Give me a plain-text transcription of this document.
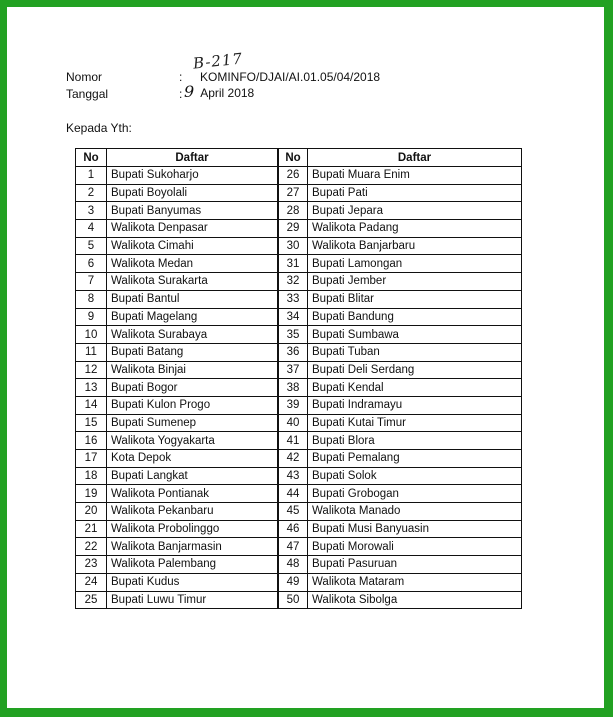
B-217
Nomor	: KOMINFO/DJAI/AI.01.05/04/2018
Tanggal	: 9 April 2018
Kepada Yth:
No	Daftar	No	Daftar
1	Bupati Sukoharjo	26	Bupati Muara Enim
2	Bupati Boyolali	27	Bupati Pati
3	Bupati Banyumas	28	Bupati Jepara
4	Walikota Denpasar	29	Walikota Padang
5	Walikota Cimahi	30	Walikota Banjarbaru
6	Walikota Medan	31	Bupati Lamongan
7	Walikota Surakarta	32	Bupati Jember
8	Bupati Bantul	33	Bupati Blitar
9	Bupati Magelang	34	Bupati Bandung
10	Walikota Surabaya	35	Bupati Sumbawa
11	Bupati Batang	36	Bupati Tuban
12	Walikota Binjai	37	Bupati Deli Serdang
13	Bupati Bogor	38	Bupati Kendal
14	Bupati Kulon Progo	39	Bupati Indramayu
15	Bupati Sumenep	40	Bupati Kutai Timur
16	Walikota Yogyakarta	41	Bupati Blora
17	Kota Depok	42	Bupati Pemalang
18	Bupati Langkat	43	Bupati Solok
19	Walikota Pontianak	44	Bupati Grobogan
20	Walikota Pekanbaru	45	Walikota Manado
21	Walikota Probolinggo	46	Bupati Musi Banyuasin
22	Walikota Banjarmasin	47	Bupati Morowali
23	Walikota Palembang	48	Bupati Pasuruan
24	Bupati Kudus	49	Walikota Mataram
25	Bupati Luwu Timur	50	Walikota Sibolga
